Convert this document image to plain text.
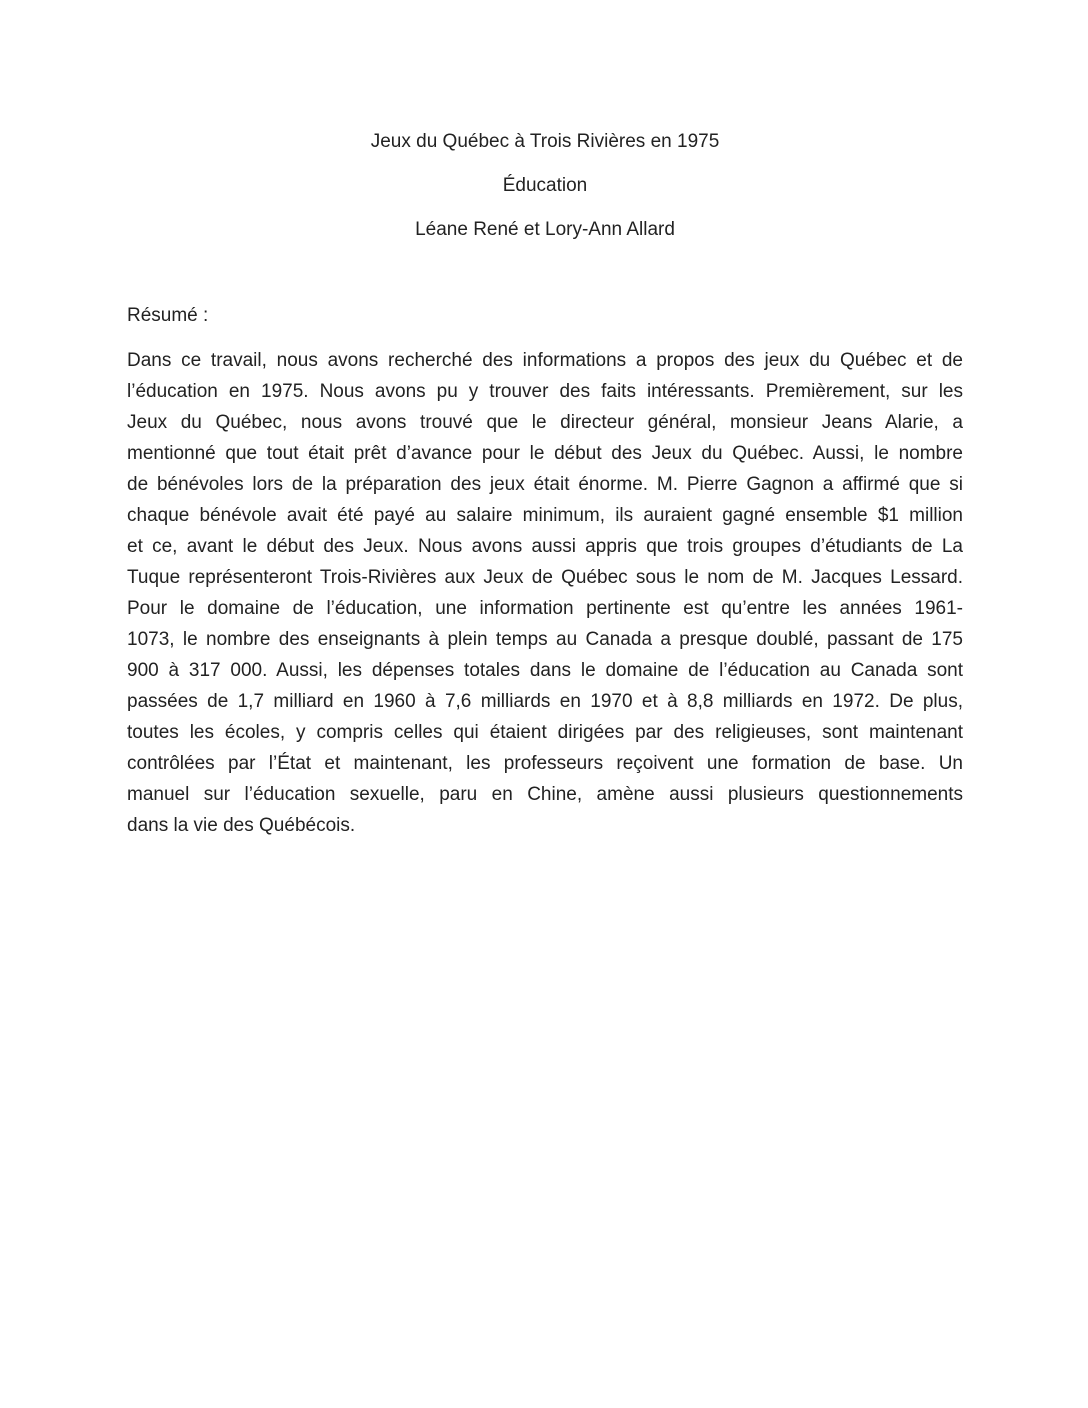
Jeux du Québec à Trois Rivières en 1975
Éducation
Léane René et Lory-Ann Allard
Résumé :
Dans ce travail, nous avons recherché des informations a propos des jeux du Québec et de
l’éducation en 1975. Nous avons pu y trouver des faits intéressants. Premièrement, sur les
Jeux du Québec, nous avons trouvé que le directeur général, monsieur Jeans Alarie, a
mentionné que tout était prêt d’avance pour le début des Jeux du Québec. Aussi, le nombre
de bénévoles lors de la préparation des jeux était énorme. M. Pierre Gagnon a affirmé que si
chaque bénévole avait été payé au salaire minimum, ils auraient gagné ensemble $1 million
et ce, avant le début des Jeux. Nous avons aussi appris que trois groupes d’étudiants de La
Tuque représenteront Trois-Rivières aux Jeux de Québec sous le nom de M. Jacques Lessard.
Pour le domaine de l’éducation, une information pertinente est qu’entre les années 1961-
1073, le nombre des enseignants à plein temps au Canada a presque doublé, passant de 175
900 à 317 000. Aussi, les dépenses totales dans le domaine de l’éducation au Canada sont
passées de 1,7 milliard en 1960 à 7,6 milliards en 1970 et à 8,8 milliards en 1972. De plus,
toutes les écoles, y compris celles qui étaient dirigées par des religieuses, sont maintenant
contrôlées par l’État et maintenant, les professeurs reçoivent une formation de base. Un
manuel sur l’éducation sexuelle, paru en Chine, amène aussi plusieurs questionnements
dans la vie des Québécois.
